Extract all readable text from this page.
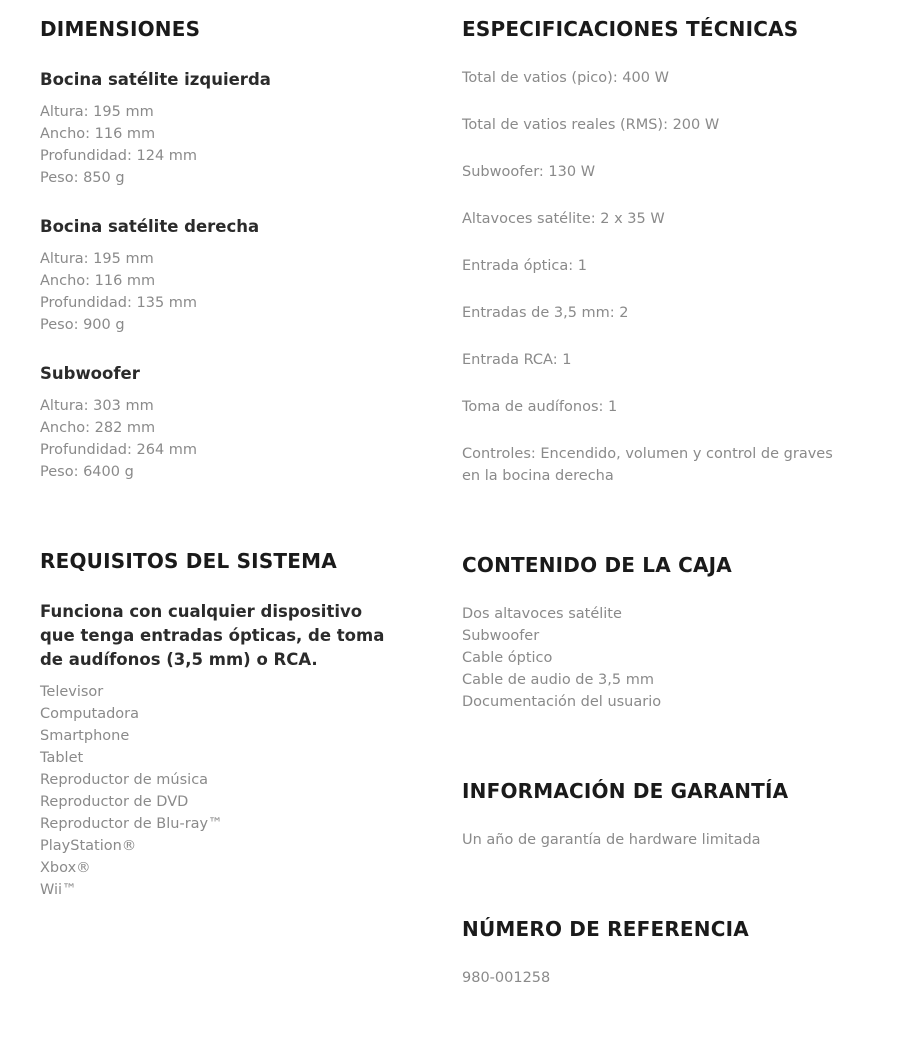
DIMENSIONES
Bocina satélite izquierda
Altura: 195 mm
Ancho: 116 mm
Profundidad: 124 mm
Peso: 850 g
Bocina satélite derecha
Altura: 195 mm
Ancho: 116 mm
Profundidad: 135 mm
Peso: 900 g
Subwoofer
Altura: 303 mm
Ancho: 282 mm
Profundidad: 264 mm
Peso: 6400 g
REQUISITOS DEL SISTEMA

Funciona con cualquier dispositivo que tenga entradas ópticas, de toma de audífonos (3,5 mm) o RCA.

Televisor
Computadora
Smartphone
Tablet
Reproductor de música
Reproductor de DVD
Reproductor de Blu-ray™
PlayStation®
Xbox®
Wii™
ESPECIFICACIONES TÉCNICAS
Total de vatios (pico): 400 W
Total de vatios reales (RMS): 200 W
Subwoofer: 130 W
Altavoces satélite: 2 x 35 W
Entrada óptica: 1
Entradas de 3,5 mm: 2
Entrada RCA: 1
Toma de audífonos: 1
Controles: Encendido, volumen y control de graves en la bocina derecha
CONTENIDO DE LA CAJA
Dos altavoces satélite
Subwoofer
Cable óptico
Cable de audio de 3,5 mm
Documentación del usuario
INFORMACIÓN DE GARANTÍA

Un año de garantía de hardware limitada

NÚMERO DE REFERENCIA

980-001258
